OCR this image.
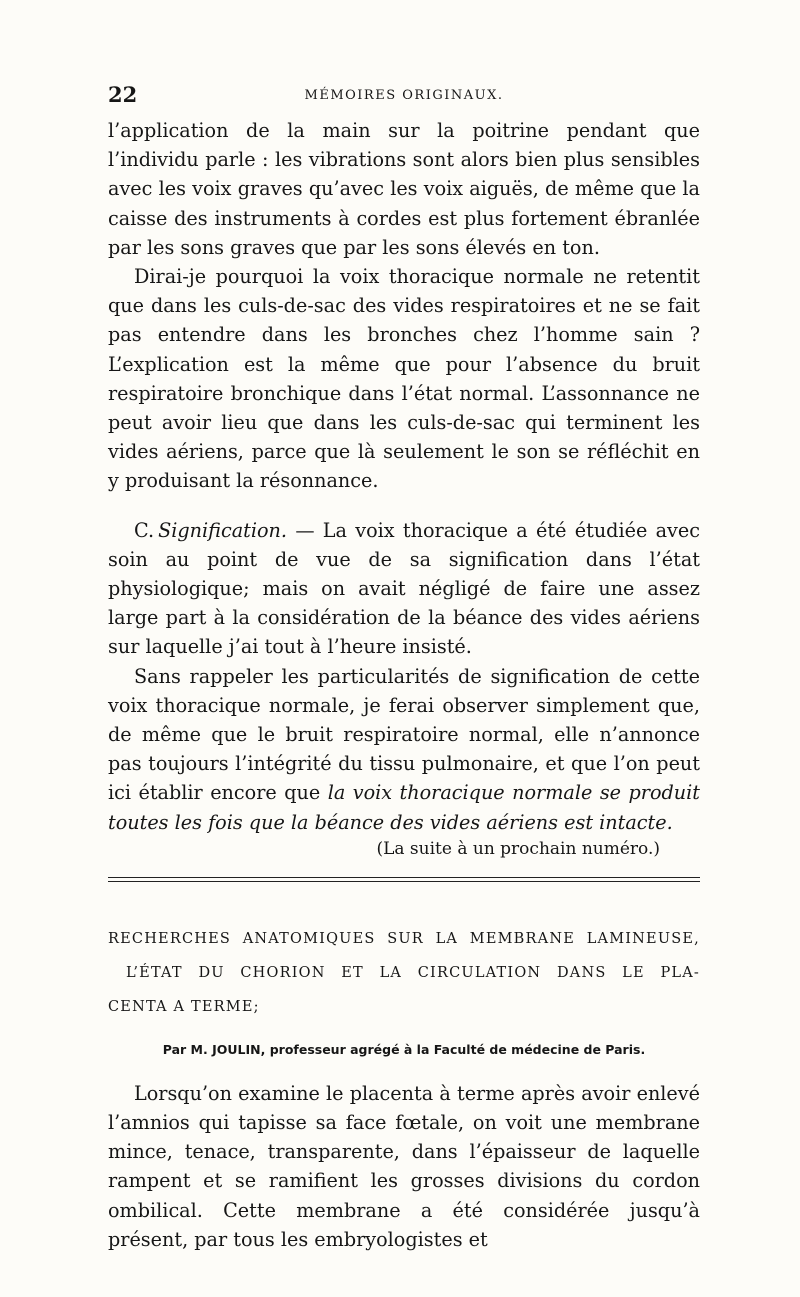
22	MÉMOIRES ORIGINAUX.

l’application de la main sur la poitrine pendant que l’individu parle : les vibrations sont alors bien plus sensibles avec les voix graves qu’avec les voix aiguës, de même que la caisse des instruments à cordes est plus fortement ébranlée par les sons graves que par les sons élevés en ton.

Dirai-je pourquoi la voix thoracique normale ne retentit que dans les culs-de-sac des vides respiratoires et ne se fait pas entendre dans les bronches chez l’homme sain ? L’explication est la même que pour l’absence du bruit respiratoire bronchique dans l’état normal. L’assonnance ne peut avoir lieu que dans les culs-de-sac qui terminent les vides aériens, parce que là seulement le son se réfléchit en y produisant la résonnance.

C. Signification. — La voix thoracique a été étudiée avec soin au point de vue de sa signification dans l’état physiologique; mais on avait négligé de faire une assez large part à la considération de la béance des vides aériens sur laquelle j’ai tout à l’heure insisté.

Sans rappeler les particularités de signification de cette voix thoracique normale, je ferai observer simplement que, de même que le bruit respiratoire normal, elle n’annonce pas toujours l’intégrité du tissu pulmonaire, et que l’on peut ici établir encore que la voix thoracique normale se produit toutes les fois que la béance des vides aériens est intacte.

(La suite à un prochain numéro.)
RECHERCHES ANATOMIQUES SUR LA MEMBRANE LAMINEUSE,
L’ÉTAT DU CHORION ET LA CIRCULATION DANS LE PLA-
CENTA A TERME;
Par M. JOULIN, professeur agrégé à la Faculté de médecine de Paris.

Lorsqu’on examine le placenta à terme après avoir enlevé l’amnios qui tapisse sa face fœtale, on voit une membrane mince, tenace, transparente, dans l’épaisseur de laquelle rampent et se ramifient les grosses divisions du cordon ombilical. Cette membrane a été considérée jusqu’à présent, par tous les embryologistes et
